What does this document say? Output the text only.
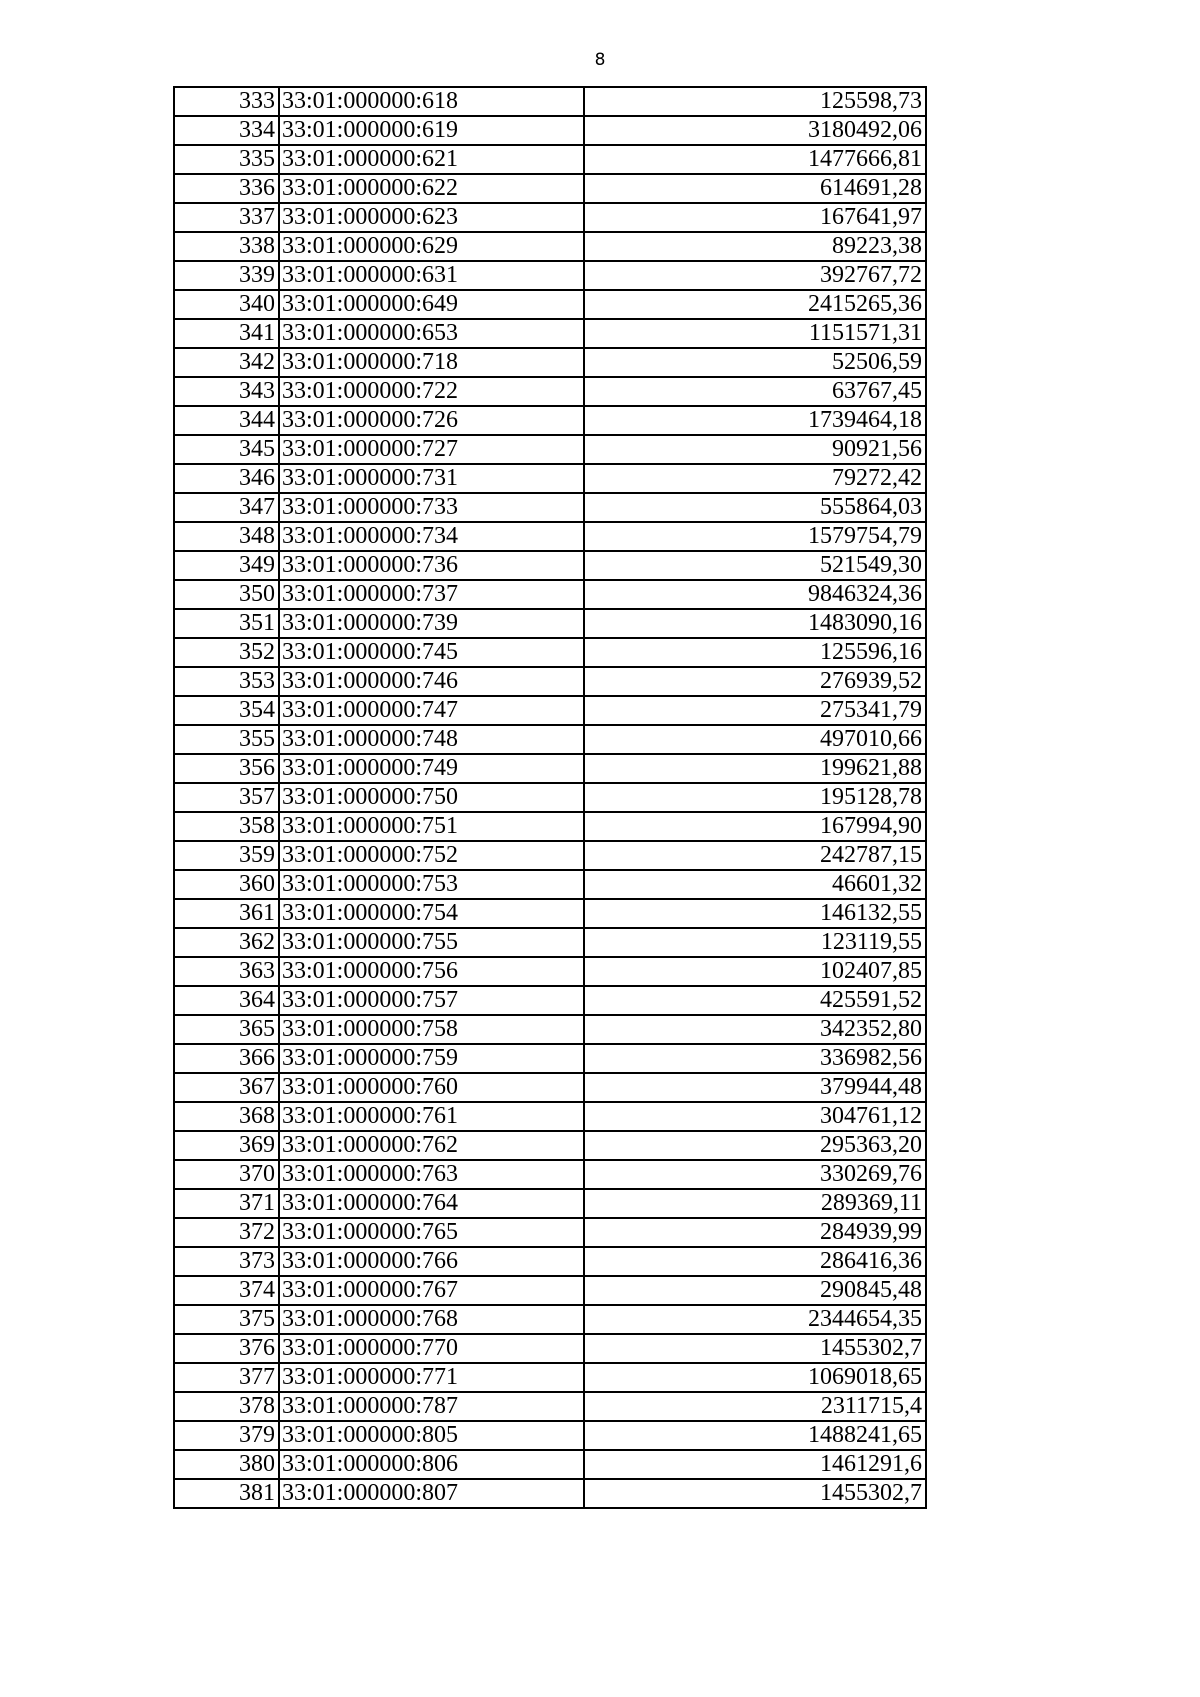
8
333	33:01:000000:618	125598,73
334	33:01:000000:619	3180492,06
335	33:01:000000:621	1477666,81
336	33:01:000000:622	614691,28
337	33:01:000000:623	167641,97
338	33:01:000000:629	89223,38
339	33:01:000000:631	392767,72
340	33:01:000000:649	2415265,36
341	33:01:000000:653	1151571,31
342	33:01:000000:718	52506,59
343	33:01:000000:722	63767,45
344	33:01:000000:726	1739464,18
345	33:01:000000:727	90921,56
346	33:01:000000:731	79272,42
347	33:01:000000:733	555864,03
348	33:01:000000:734	1579754,79
349	33:01:000000:736	521549,30
350	33:01:000000:737	9846324,36
351	33:01:000000:739	1483090,16
352	33:01:000000:745	125596,16
353	33:01:000000:746	276939,52
354	33:01:000000:747	275341,79
355	33:01:000000:748	497010,66
356	33:01:000000:749	199621,88
357	33:01:000000:750	195128,78
358	33:01:000000:751	167994,90
359	33:01:000000:752	242787,15
360	33:01:000000:753	46601,32
361	33:01:000000:754	146132,55
362	33:01:000000:755	123119,55
363	33:01:000000:756	102407,85
364	33:01:000000:757	425591,52
365	33:01:000000:758	342352,80
366	33:01:000000:759	336982,56
367	33:01:000000:760	379944,48
368	33:01:000000:761	304761,12
369	33:01:000000:762	295363,20
370	33:01:000000:763	330269,76
371	33:01:000000:764	289369,11
372	33:01:000000:765	284939,99
373	33:01:000000:766	286416,36
374	33:01:000000:767	290845,48
375	33:01:000000:768	2344654,35
376	33:01:000000:770	1455302,7
377	33:01:000000:771	1069018,65
378	33:01:000000:787	2311715,4
379	33:01:000000:805	1488241,65
380	33:01:000000:806	1461291,6
381	33:01:000000:807	1455302,7
